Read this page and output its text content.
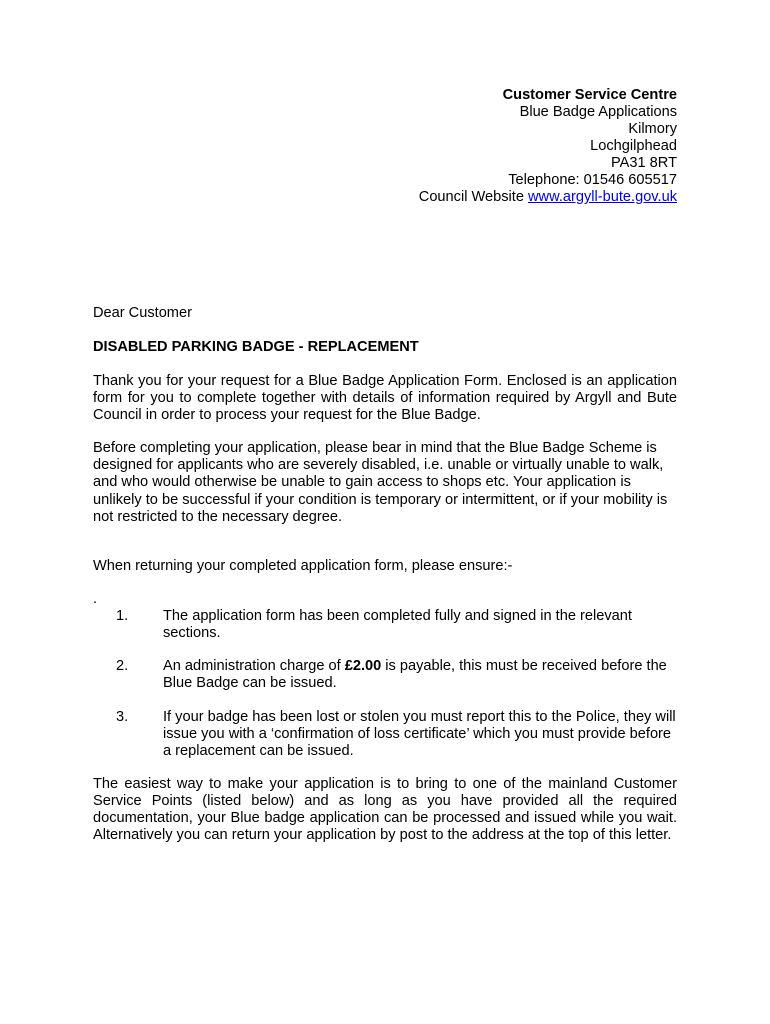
Customer Service Centre
Blue Badge Applications
Kilmory
Lochgilphead
PA31 8RT
Telephone: 01546 605517
Council Website www.argyll-bute.gov.uk
Dear Customer
DISABLED PARKING BADGE - REPLACEMENT
Thank you for your request for a Blue Badge Application Form. Enclosed is an application form for you to complete together with details of information required by Argyll and Bute Council in order to process your request for the Blue Badge.
Before completing your application, please bear in mind that the Blue Badge Scheme is designed for applicants who are severely disabled, i.e. unable or virtually unable to walk, and who would otherwise be unable to gain access to shops etc. Your application is unlikely to be successful if your condition is temporary or intermittent, or if your mobility is not restricted to the necessary degree.
When returning your completed application form, please ensure:-
.
1. The application form has been completed fully and signed in the relevant sections.
2. An administration charge of £2.00 is payable, this must be received before the Blue Badge can be issued.
3. If your badge has been lost or stolen you must report this to the Police, they will issue you with a ‘confirmation of loss certificate’ which you must provide before a replacement can be issued.
The easiest way to make your application is to bring to one of the mainland Customer Service Points (listed below) and as long as you have provided all the required documentation, your Blue badge application can be processed and issued while you wait. Alternatively you can return your application by post to the address at the top of this letter.
